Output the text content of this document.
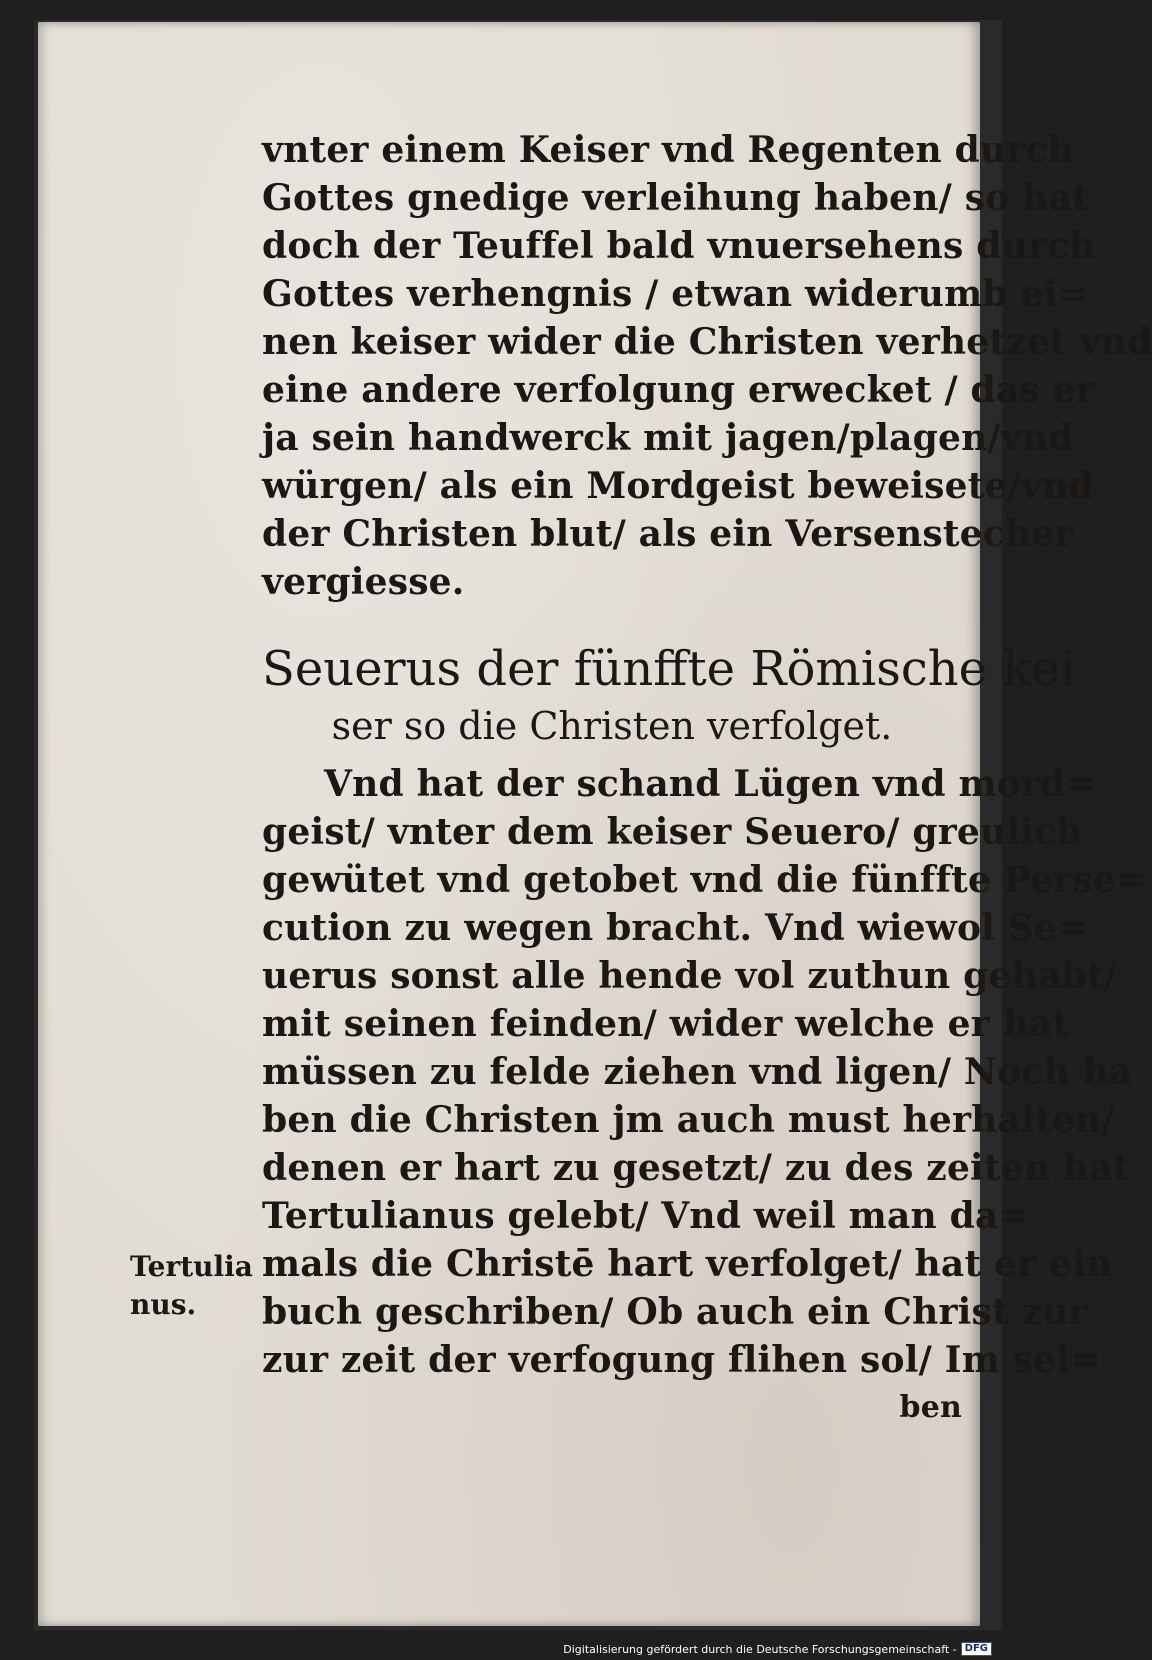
vnter einem Keiser vnd Regenten durch
Gottes gnedige verleihung haben/ so hat
doch der Teuffel bald vnuersehens durch
Gottes verhengnis / etwan widerumb ei=
nen keiser wider die Christen verhetzet vnd
eine andere verfolgung erwecket / das er
ja sein handwerck mit jagen/plagen/vnd
würgen/ als ein Mordgeist beweisete/vnd
der Christen blut/ als ein Versenstecher
vergiesse.
Seuerus der fünffte Römische kei
ser so die Christen verfolget.
Vnd hat der schand Lügen vnd mord=
geist/ vnter dem keiser Seuero/ greulich
gewütet vnd getobet vnd die fünffte Perse=
cution zu wegen bracht. Vnd wiewol Se=
uerus sonst alle hende vol zuthun gehabt/
mit seinen feinden/ wider welche er hat
müssen zu felde ziehen vnd ligen/ Noch ha
ben die Christen jm auch must herhalten/
denen er hart zu gesetzt/ zu des zeiten hat
Tertulianus gelebt/ Vnd weil man da=
mals die Christē hart verfolget/ hat er ein
buch geschriben/ Ob auch ein Christ zur
zur zeit der verfogung flihen sol/ Im sel=
ben
Tertulia
nus.
Digitalisierung gefördert durch die Deutsche Forschungsgemeinschaft - DFG
